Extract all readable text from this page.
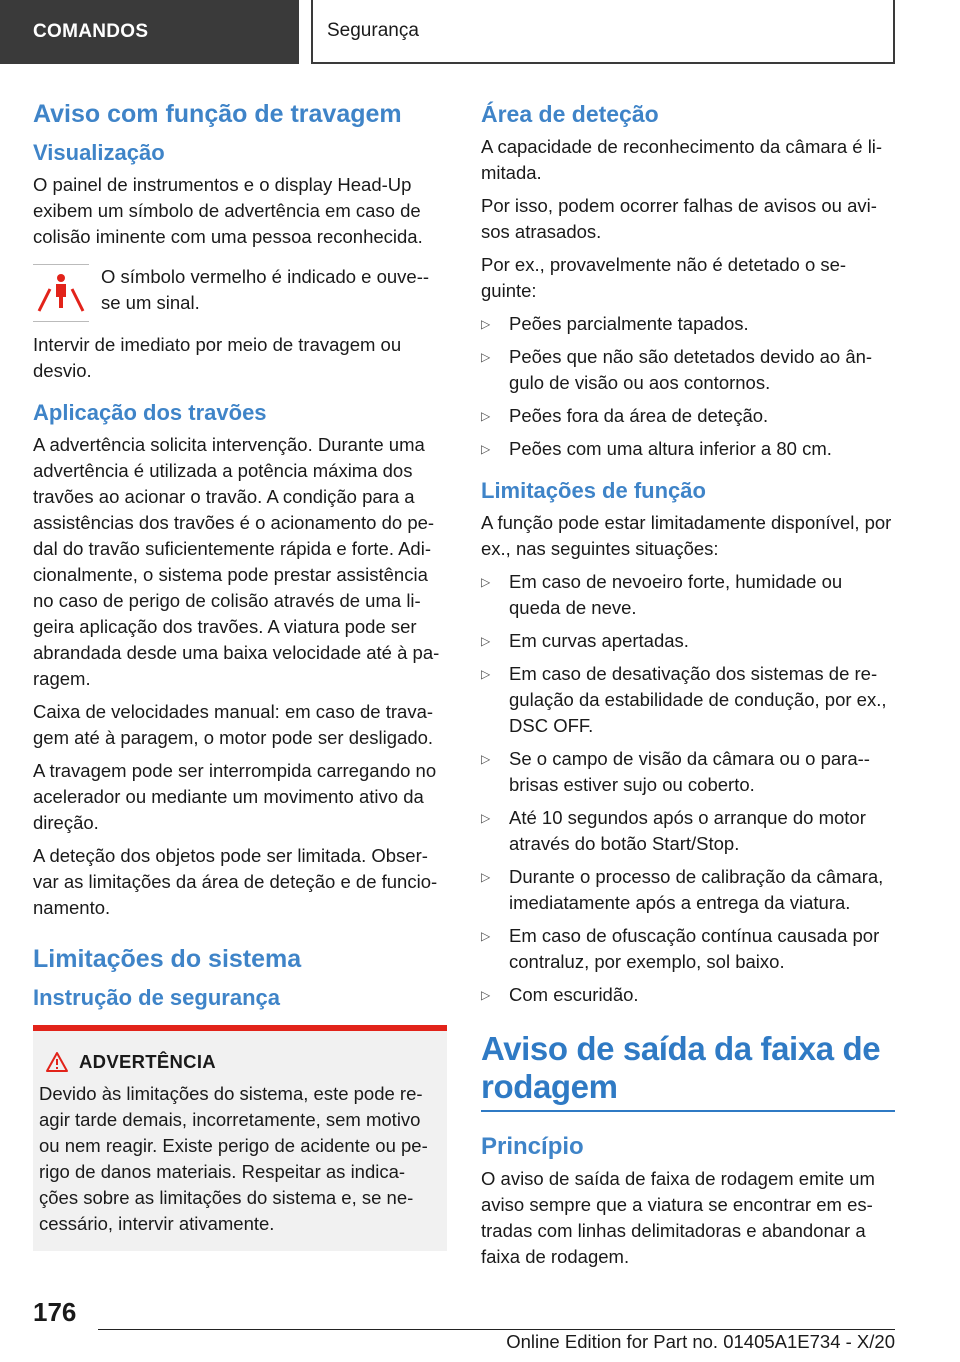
COMANDOS	Segurança
Aviso com função de travagem
Visualização

O painel de instrumentos e o display Head-Up exibem um símbolo de advertência em caso de colisão iminente com uma pessoa reconhecida.

O símbolo vermelho é indicado e ouve--se um sinal.

Intervir de imediato por meio de travagem ou desvio.

Aplicação dos travões

A advertência solicita intervenção. Durante uma advertência é utilizada a potência máxima dos travões ao acionar o travão. A condição para a assistências dos travões é o acionamento do pe-dal do travão suficientemente rápida e forte. Adi-cionalmente, o sistema pode prestar assistência no caso de perigo de colisão através de uma li-geira aplicação dos travões. A viatura pode ser abrandada desde uma baixa velocidade até à pa-ragem.

Caixa de velocidades manual: em caso de trava-gem até à paragem, o motor pode ser desligado.

A travagem pode ser interrompida carregando no acelerador ou mediante um movimento ativo da direção.

A deteção dos objetos pode ser limitada. Obser-var as limitações da área de deteção e de funcio-namento.

Limitações do sistema
Instrução de segurança
ADVERTÊNCIA

Devido às limitações do sistema, este pode re-agir tarde demais, incorretamente, sem motivo ou nem reagir. Existe perigo de acidente ou pe-rigo de danos materiais. Respeitar as indica-ções sobre as limitações do sistema e, se ne-cessário, intervir ativamente.

Área de deteção

A capacidade de reconhecimento da câmara é li-mitada.

Por isso, podem ocorrer falhas de avisos ou avi-sos atrasados.

Por ex., provavelmente não é detetado o se-guinte:

▷	Peões parcialmente tapados.
▷	Peões que não são detetados devido ao ân-gulo de visão ou aos contornos.
▷	Peões fora da área de deteção.
▷	Peões com uma altura inferior a 80 cm.
Limitações de função

A função pode estar limitadamente disponível, por ex., nas seguintes situações:

▷	Em caso de nevoeiro forte, humidade ou queda de neve.
▷	Em curvas apertadas.
▷	Em caso de desativação dos sistemas de re-gulação da estabilidade de condução, por ex., DSC OFF.
▷	Se o campo de visão da câmara ou o para--brisas estiver sujo ou coberto.
▷	Até 10 segundos após o arranque do motor através do botão Start/Stop.
▷	Durante o processo de calibração da câmara, imediatamente após a entrega da viatura.
▷	Em caso de ofuscação contínua causada por contraluz, por exemplo, sol baixo.
▷	Com escuridão.
Aviso de saída da faixa de rodagem
Princípio

O aviso de saída de faixa de rodagem emite um aviso sempre que a viatura se encontrar em es-tradas com linhas delimitadoras e abandonar a faixa de rodagem.

176
Online Edition for Part no. 01405A1E734 - X/20
